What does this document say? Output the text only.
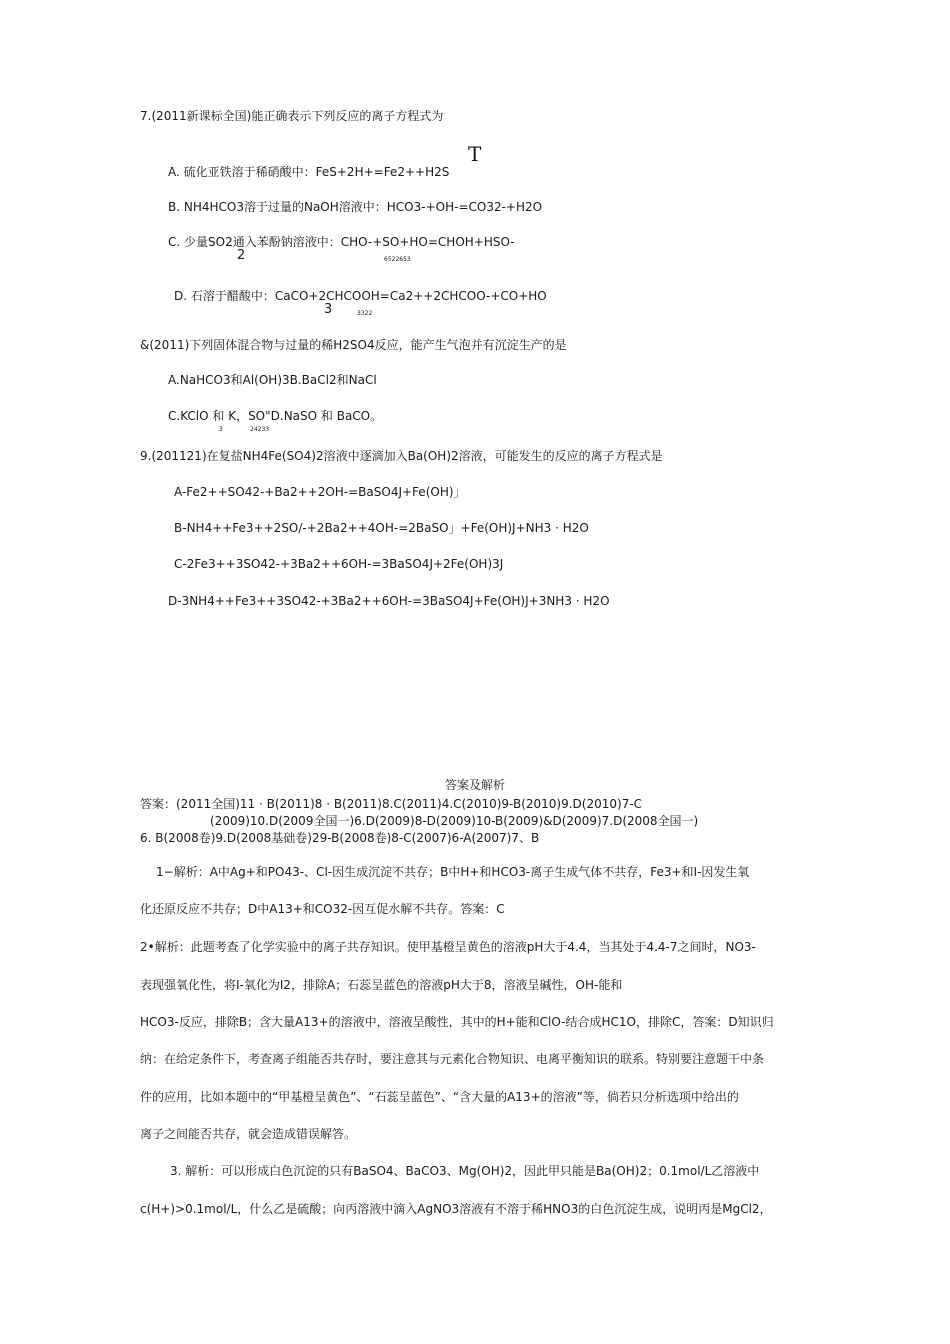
7.(2011新课标全国)能正确表示下列反应的离子方程式为
T
A. 硫化亚铁溶于稀硝酸中：FeS+2H+=Fe2++H2S
B. NH4HCO3溶于过量的NaOH溶液中：HCO3-+OH-=CO32-+H2O
C. 少量SO2通入苯酚钠溶液中：CHO-+SO+HO=CHOH+HSO-
2	6522653
D. 石溶于醋酸中：CaCO+2CHCOOH=Ca2++2CHCOO-+CO+HO
3	3322
&(2011)下列固体混合物与过量的稀H2SO4反应，能产生气泡并有沉淀生产的是
A.NaHCO3和Al(OH)3B.BaCl2和NaCl
C.KClO 和 K，SO"D.NaSO 和 BaCO。
3	24233
9.(201121)在复盐NH4Fe(SO4)2溶液中逐滴加入Ba(OH)2溶液，可能发生的反应的离子方程式是
A-Fe2++SO42-+Ba2++2OH-=BaSO4J+Fe(OH)」
B-NH4++Fe3++2SO/-+2Ba2++4OH-=2BaSO」+Fe(OH)J+NH3 · H2O
C-2Fe3++3SO42-+3Ba2++6OH-=3BaSO4J+2Fe(OH)3J
D-3NH4++Fe3++3SO42-+3Ba2++6OH-=3BaSO4J+Fe(OH)J+3NH3 · H2O
答案及解析
答案：(2011全国)11 · B(2011)8 · B(2011)8.C(2011)4.C(2010)9-B(2010)9.D(2010)7-C
(2009)10.D(2009全国一)6.D(2009)8-D(2009)10-B(2009)&D(2009)7.D(2008全国一)
6. B(2008卷)9.D(2008基础卷)29-B(2008卷)8-C(2007)6-A(2007)7、B
1−解析：A中Ag+和PO43-、Cl-因生成沉淀不共存；B中H+和HCO3-离子生成气体不共存，Fe3+和I-因发生氧
化还原反应不共存；D中A13+和CO32-因互促水解不共存。答案：C
2•解析：此题考查了化学实验中的离子共存知识。使甲基橙呈黄色的溶液pH大于4.4，当其处于4.4-7之间时，NO3-
表现强氧化性，将I-氧化为I2，排除A；石蕊呈蓝色的溶液pH大于8，溶液呈碱性，OH-能和
HCO3-反应，排除B；含大量A13+的溶液中，溶液呈酸性，其中的H+能和ClO-结合成HC1O，排除C，答案：D知识归
纳：在给定条件下，考查离子组能否共存时，要注意其与元素化合物知识、电离平衡知识的联系。特别要注意题干中条
件的应用，比如本题中的“甲基橙呈黄色”、“石蕊呈蓝色”、“含大量的A13+的溶液”等，倘若只分析选项中给出的
离子之间能否共存，就会造成错误解答。
3. 解析：可以形成白色沉淀的只有BaSO4、BaCO3、Mg(OH)2，因此甲只能是Ba(OH)2；0.1mol/L乙溶液中
c(H+)>0.1mol/L，什么乙是硫酸；向丙溶液中滴入AgNO3溶液有不溶于稀HNO3的白色沉淀生成，说明丙是MgCl2，
